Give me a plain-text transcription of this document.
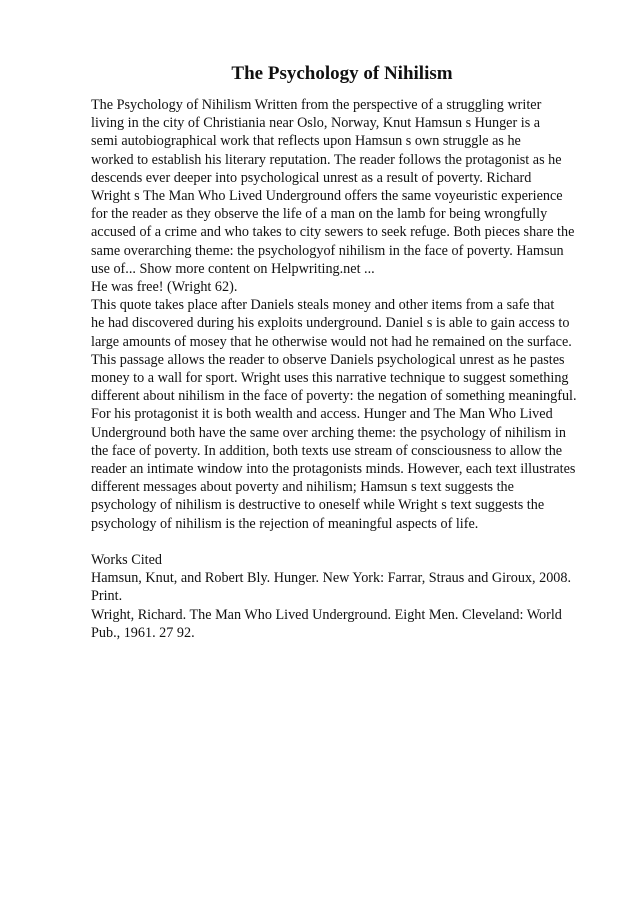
The Psychology of Nihilism
The Psychology of Nihilism Written from the perspective of a struggling writer
living in the city of Christiania near Oslo, Norway, Knut Hamsun s Hunger is a
semi autobiographical work that reflects upon Hamsun s own struggle as he
worked to establish his literary reputation. The reader follows the protagonist as he
descends ever deeper into psychological unrest as a result of poverty. Richard
Wright s The Man Who Lived Underground offers the same voyeuristic experience
for the reader as they observe the life of a man on the lamb for being wrongfully
accused of a crime and who takes to city sewers to seek refuge. Both pieces share the
same overarching theme: the psychologyof nihilism in the face of poverty. Hamsun
use of... Show more content on Helpwriting.net ...
He was free! (Wright 62).
This quote takes place after Daniels steals money and other items from a safe that
he had discovered during his exploits underground. Daniel s is able to gain access to
large amounts of mosey that he otherwise would not had he remained on the surface.
This passage allows the reader to observe Daniels psychological unrest as he pastes
money to a wall for sport. Wright uses this narrative technique to suggest something
different about nihilism in the face of poverty: the negation of something meaningful.
For his protagonist it is both wealth and access. Hunger and The Man Who Lived
Underground both have the same over arching theme: the psychology of nihilism in
the face of poverty. In addition, both texts use stream of consciousness to allow the
reader an intimate window into the protagonists minds. However, each text illustrates
different messages about poverty and nihilism; Hamsun s text suggests the
psychology of nihilism is destructive to oneself while Wright s text suggests the
psychology of nihilism is the rejection of meaningful aspects of life.
Works Cited
Hamsun, Knut, and Robert Bly. Hunger. New York: Farrar, Straus and Giroux, 2008.
Print.
Wright, Richard. The Man Who Lived Underground. Eight Men. Cleveland: World
Pub., 1961. 27 92.
